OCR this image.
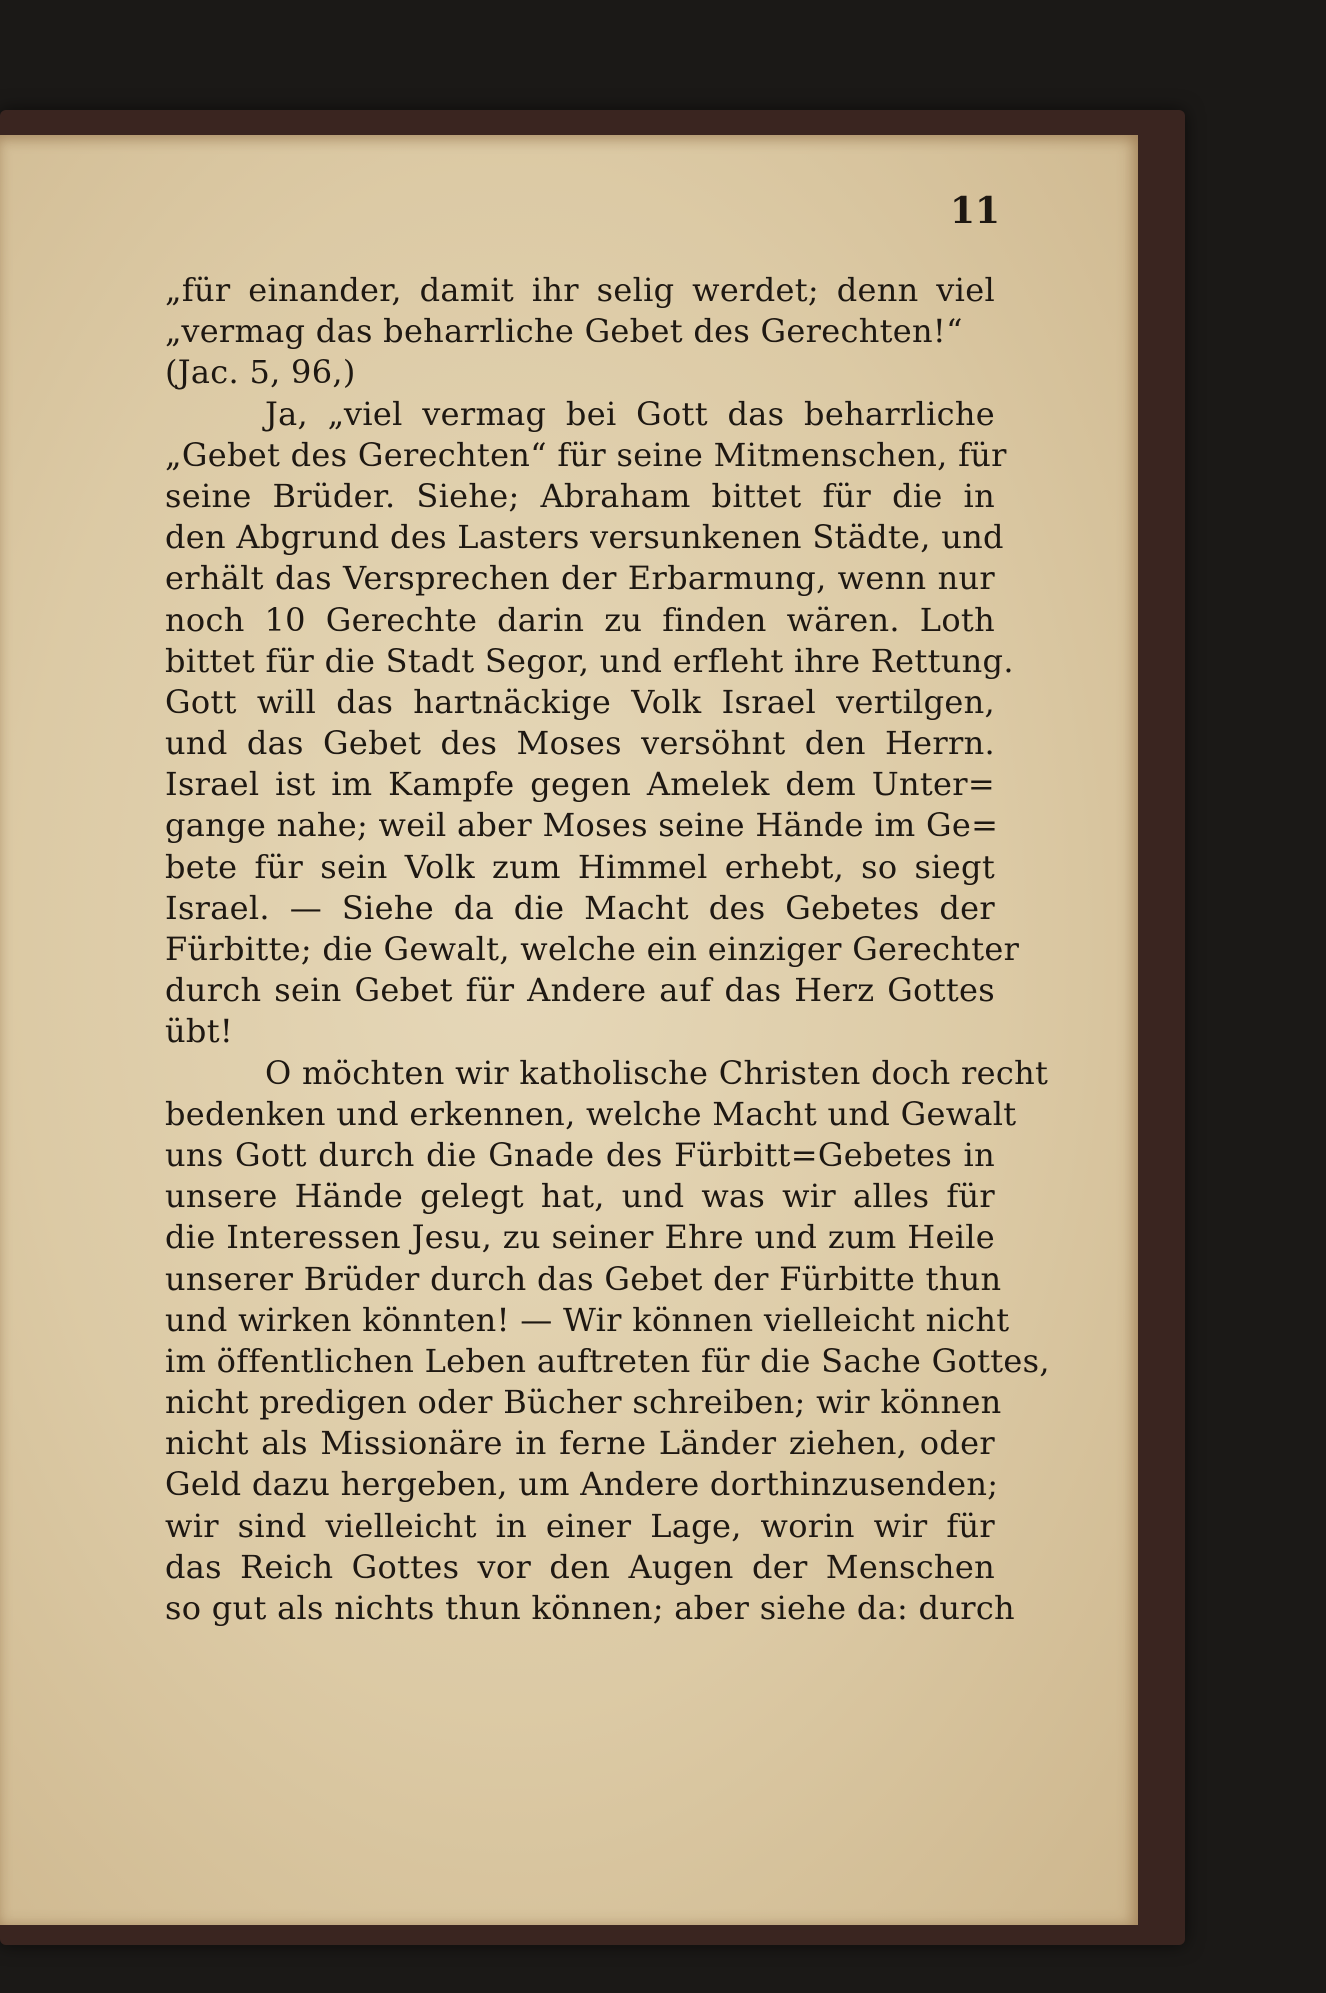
11

„für einander, damit ihr selig werdet; denn viel
„vermag das beharrliche Gebet des Gerechten!“
(Jac. 5, 96,)
Ja, „viel vermag bei Gott das beharrliche
„Gebet des Gerechten“ für seine Mitmenschen, für
seine Brüder. Siehe; Abraham bittet für die in
den Abgrund des Lasters versunkenen Städte, und
erhält das Versprechen der Erbarmung, wenn nur
noch 10 Gerechte darin zu finden wären. Loth
bittet für die Stadt Segor, und erfleht ihre Rettung.
Gott will das hartnäckige Volk Israel vertilgen,
und das Gebet des Moses versöhnt den Herrn.
Israel ist im Kampfe gegen Amelek dem Unter=
gange nahe; weil aber Moses seine Hände im Ge=
bete für sein Volk zum Himmel erhebt, so siegt
Israel. — Siehe da die Macht des Gebetes der
Fürbitte; die Gewalt, welche ein einziger Gerechter
durch sein Gebet für Andere auf das Herz Gottes
übt!
O möchten wir katholische Christen doch recht
bedenken und erkennen, welche Macht und Gewalt
uns Gott durch die Gnade des Fürbitt=Gebetes in
unsere Hände gelegt hat, und was wir alles für
die Interessen Jesu, zu seiner Ehre und zum Heile
unserer Brüder durch das Gebet der Fürbitte thun
und wirken könnten! — Wir können vielleicht nicht
im öffentlichen Leben auftreten für die Sache Gottes,
nicht predigen oder Bücher schreiben; wir können
nicht als Missionäre in ferne Länder ziehen, oder
Geld dazu hergeben, um Andere dorthinzusenden;
wir sind vielleicht in einer Lage, worin wir für
das Reich Gottes vor den Augen der Menschen
so gut als nichts thun können; aber siehe da: durch
